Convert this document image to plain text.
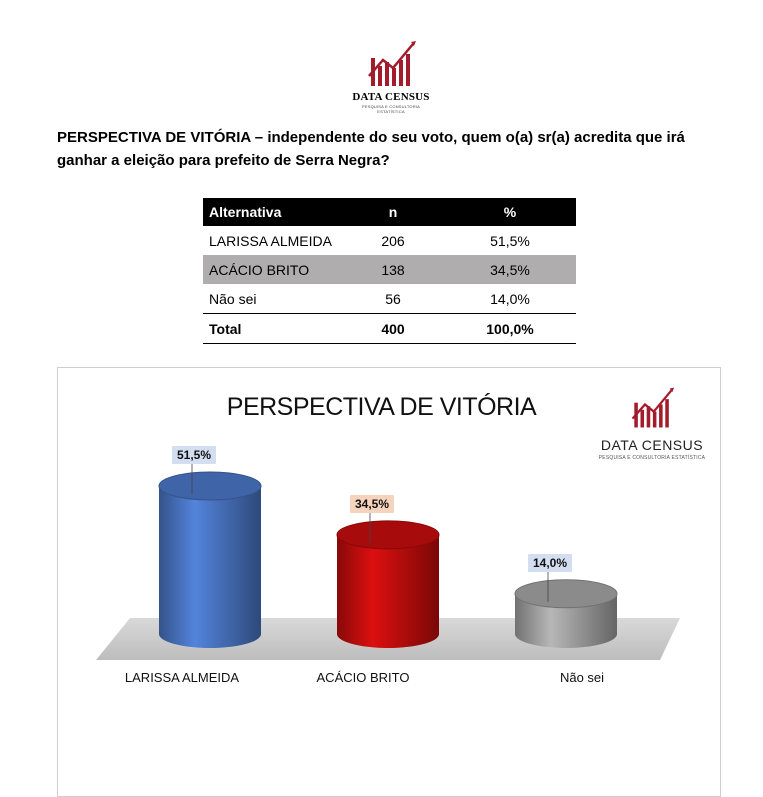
DATA CENSUS
PESQUISA E CONSULTORIA ESTATÍSTICA
PERSPECTIVA DE VITÓRIA – independente do seu voto, quem o(a) sr(a) acredita que irá ganhar a eleição para prefeito de Serra Negra?
Alternativa	n	%
LARISSA ALMEIDA	206	51,5%
ACÁCIO BRITO	138	34,5%
Não sei	56	14,0%
Total	400	100,0%
PERSPECTIVA DE VITÓRIA
DATA CENSUS
PESQUISA E CONSULTORIA ESTATÍSTICA
51,5%
LARISSA ALMEIDA
34,5%
ACÁCIO BRITO
14,0%
Não sei
